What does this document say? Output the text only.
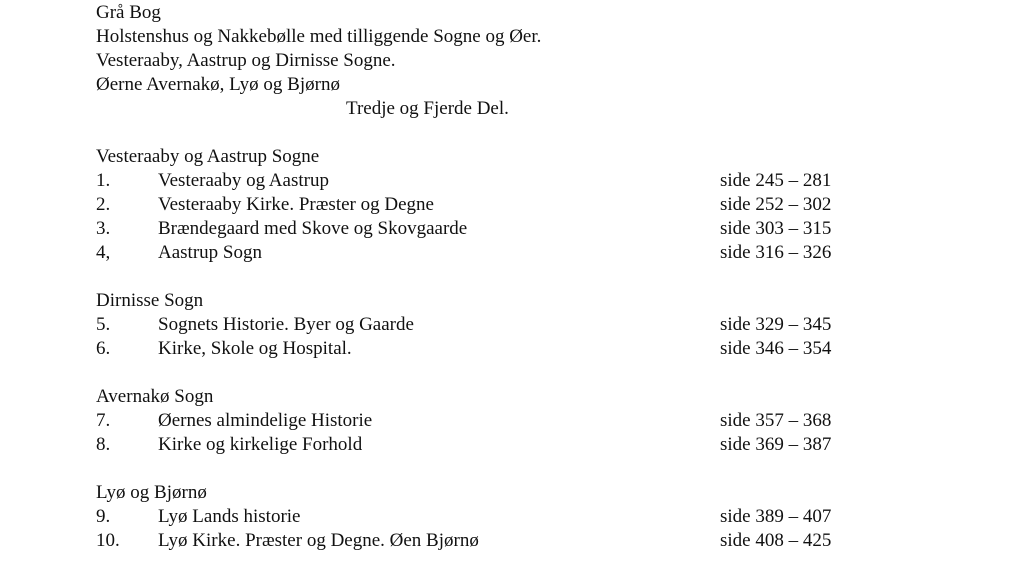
Grå Bog
Holstenshus og Nakkebølle med tilliggende Sogne og Øer.
Vesteraaby, Aastrup og Dirnisse Sogne.
Øerne Avernakø, Lyø og Bjørnø
Tredje og Fjerde Del.
Vesteraaby og Aastrup Sogne
1.	Vesteraaby og Aastrup	side 245 – 281
2.	Vesteraaby Kirke. Præster og Degne	side 252 – 302
3.	Brændegaard med Skove og Skovgaarde	side 303 – 315
4,	Aastrup Sogn	side 316 – 326
Dirnisse Sogn
5.	Sognets Historie. Byer og Gaarde	side 329 – 345
6.	Kirke, Skole og Hospital.	side 346 – 354
Avernakø Sogn
7.	Øernes almindelige Historie	side 357 – 368
8.	Kirke og kirkelige Forhold	side 369 – 387
Lyø og Bjørnø
9.	Lyø Lands historie	side 389 – 407
10. Lyø Kirke. Præster og Degne. Øen Bjørnø	side 408 – 425
